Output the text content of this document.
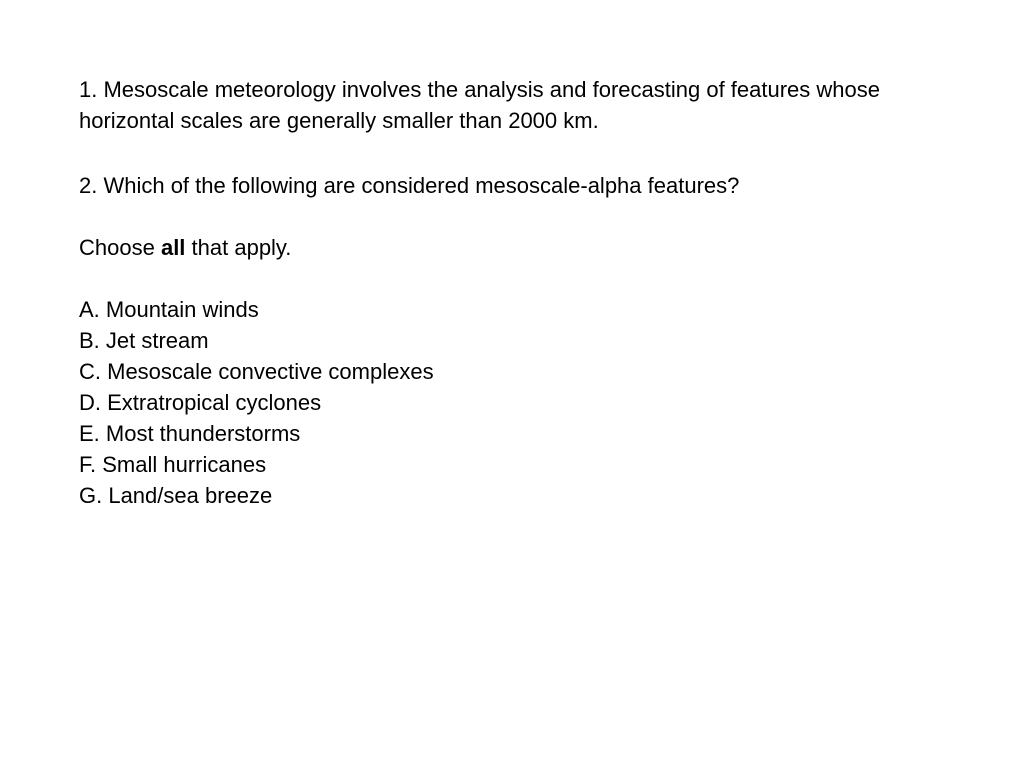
1. Mesoscale meteorology involves the analysis and forecasting of features whose horizontal scales are generally smaller than 2000 km.

2. Which of the following are considered mesoscale-alpha features?

Choose all that apply.

A. Mountain winds
B. Jet stream
C. Mesoscale convective complexes
D. Extratropical cyclones
E. Most thunderstorms
F. Small hurricanes
G. Land/sea breeze
